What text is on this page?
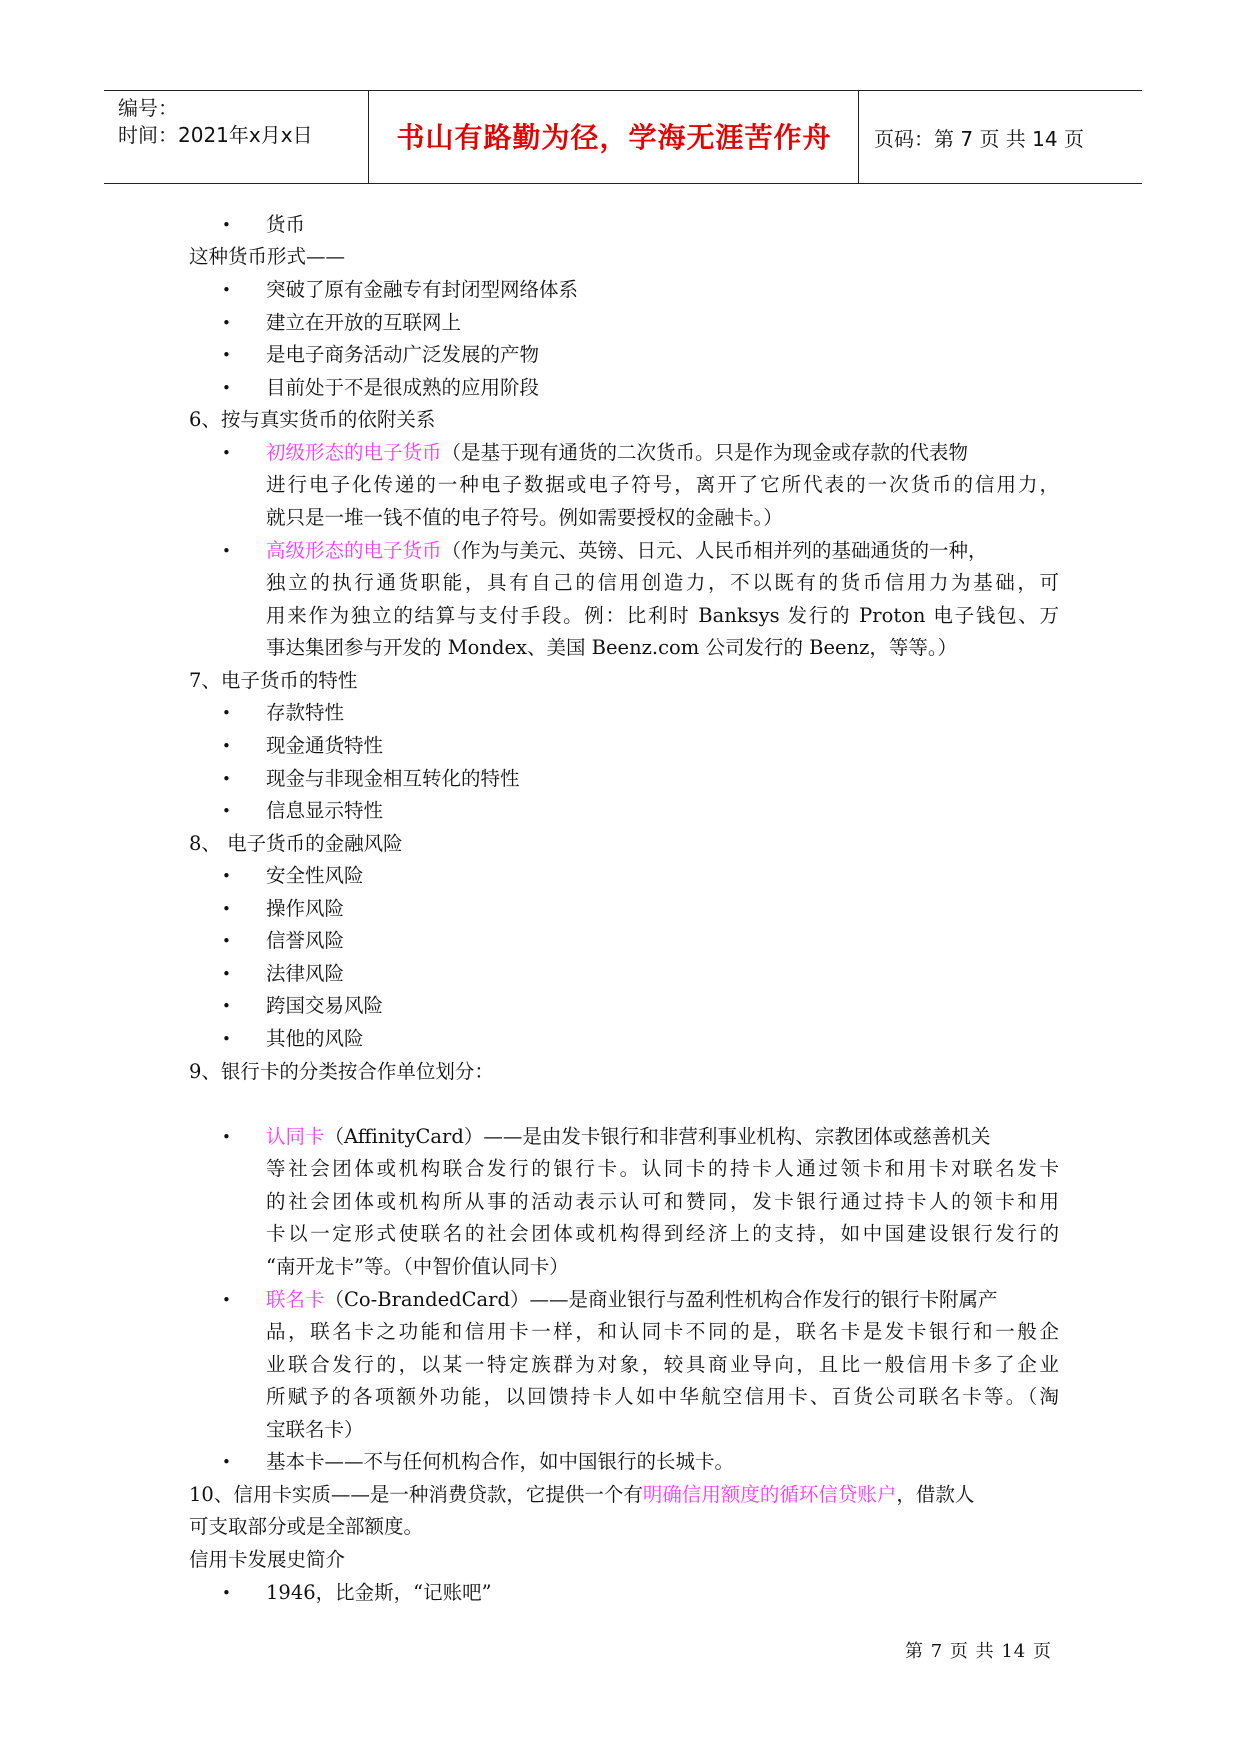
编号：
时间：2021年x月x日	书山有路勤为径，学海无涯苦作舟	页码：第 7 页 共 14 页
• 货币
这种货币形式——
• 突破了原有金融专有封闭型网络体系
• 建立在开放的互联网上
• 是电子商务活动广泛发展的产物
• 目前处于不是很成熟的应用阶段
6、按与真实货币的依附关系
• 初级形态的电子货币（是基于现有通货的二次货币。只是作为现金或存款的代表物
进行电子化传递的一种电子数据或电子符号，离开了它所代表的一次货币的信用力，
就只是一堆一钱不值的电子符号。例如需要授权的金融卡。）
• 高级形态的电子货币（作为与美元、英镑、日元、人民币相并列的基础通货的一种，
独立的执行通货职能，具有自己的信用创造力，不以既有的货币信用力为基础，可
用来作为独立的结算与支付手段。例：比利时 Banksys 发行的 Proton 电子钱包、万
事达集团参与开发的 Mondex、美国 Beenz.com 公司发行的 Beenz，等等。）
7、电子货币的特性
• 存款特性
• 现金通货特性
• 现金与非现金相互转化的特性
• 信息显示特性
8、 电子货币的金融风险
• 安全性风险
• 操作风险
• 信誉风险
• 法律风险
• 跨国交易风险
• 其他的风险
9、银行卡的分类按合作单位划分：
• 认同卡（AffinityCard）——是由发卡银行和非营利事业机构、宗教团体或慈善机关
等社会团体或机构联合发行的银行卡。认同卡的持卡人通过领卡和用卡对联名发卡
的社会团体或机构所从事的活动表示认可和赞同，发卡银行通过持卡人的领卡和用
卡以一定形式使联名的社会团体或机构得到经济上的支持，如中国建设银行发行的
“南开龙卡”等。（中智价值认同卡）
• 联名卡（Co-BrandedCard）——是商业银行与盈利性机构合作发行的银行卡附属产
品，联名卡之功能和信用卡一样，和认同卡不同的是，联名卡是发卡银行和一般企
业联合发行的，以某一特定族群为对象，较具商业导向，且比一般信用卡多了企业
所赋予的各项额外功能，以回馈持卡人如中华航空信用卡、百货公司联名卡等。（淘
宝联名卡）
• 基本卡——不与任何机构合作，如中国银行的长城卡。
10、信用卡实质——是一种消费贷款，它提供一个有明确信用额度的循环信贷账户，借款人
可支取部分或是全部额度。
信用卡发展史简介
• 1946，比金斯，“记账吧”
第 7 页 共 14 页
